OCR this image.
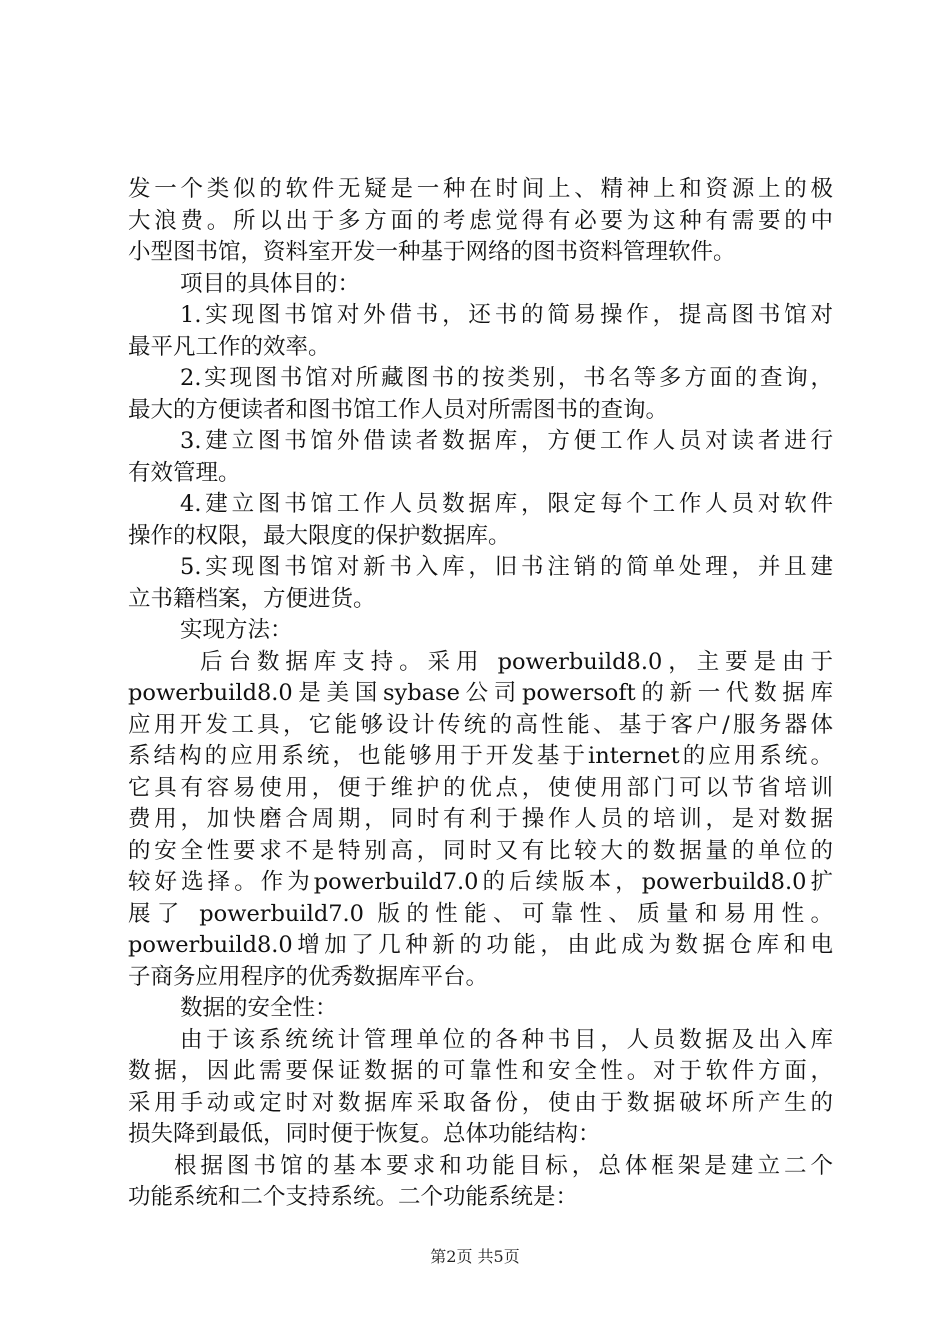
发一个类似的软件无疑是一种在时间上、精神上和资源上的极
大浪费。所以出于多方面的考虑觉得有必要为这种有需要的中
小型图书馆，资料室开发一种基于网络的图书资料管理软件。
项目的具体目的：
1.实现图书馆对外借书，还书的简易操作，提高图书馆对
最平凡工作的效率。
2.实现图书馆对所藏图书的按类别，书名等多方面的查询，
最大的方便读者和图书馆工作人员对所需图书的查询。
3.建立图书馆外借读者数据库，方便工作人员对读者进行
有效管理。
4.建立图书馆工作人员数据库，限定每个工作人员对软件
操作的权限，最大限度的保护数据库。
5.实现图书馆对新书入库，旧书注销的简单处理，并且建
立书籍档案，方便进货。
实现方法：
后台数据库支持。采用 powerbuild8.0，主要是由于
powerbuild8.0是美国sybase公司powersoft的新一代数据库
应用开发工具，它能够设计传统的高性能、基于客户/服务器体
系结构的应用系统，也能够用于开发基于internet的应用系统。
它具有容易使用，便于维护的优点，使使用部门可以节省培训
费用，加快磨合周期，同时有利于操作人员的培训，是对数据
的安全性要求不是特别高，同时又有比较大的数据量的单位的
较好选择。作为powerbuild7.0的后续版本，powerbuild8.0扩
展了 powerbuild7.0 版的性能、可靠性、质量和易用性。
powerbuild8.0增加了几种新的功能，由此成为数据仓库和电
子商务应用程序的优秀数据库平台。
数据的安全性：
由于该系统统计管理单位的各种书目，人员数据及出入库
数据，因此需要保证数据的可靠性和安全性。对于软件方面，
采用手动或定时对数据库采取备份，使由于数据破坏所产生的
损失降到最低，同时便于恢复。总体功能结构：
根据图书馆的基本要求和功能目标，总体框架是建立二个
功能系统和二个支持系统。二个功能系统是：
第2页 共5页
